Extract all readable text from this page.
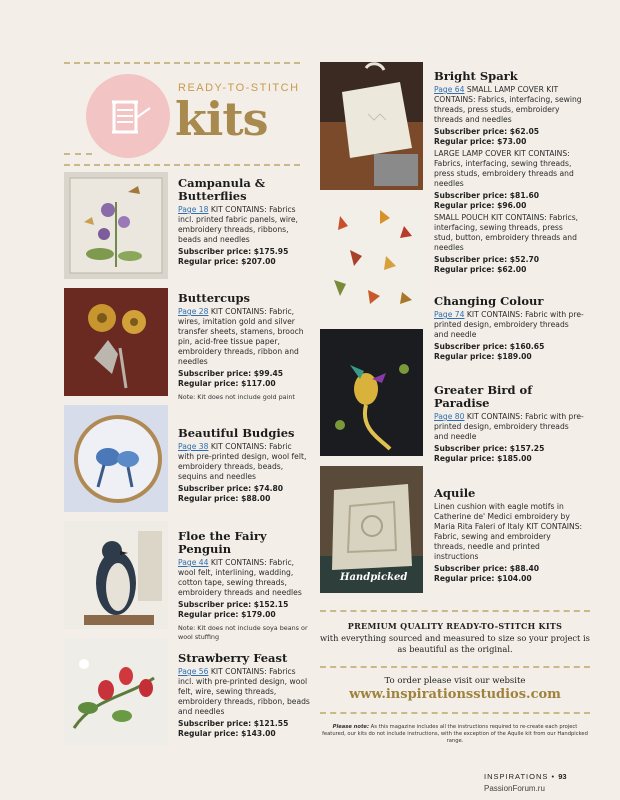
READY-TO-STITCH
kits
Campanula & Butterflies
Page 18 KIT CONTAINS: Fabrics incl. printed fabric panels, wire, embroidery threads, ribbons, beads and needles
Subscriber price: $175.95
Regular price: $207.00
Buttercups
Page 28 KIT CONTAINS: Fabric, wires, imitation gold and silver transfer sheets, stamens, brooch pin, acid-free tissue paper, embroidery threads, ribbon and needles
Subscriber price: $99.45
Regular price: $117.00
Note: Kit does not include gold paint
Beautiful Budgies
Page 38 KIT CONTAINS: Fabric with pre-printed design, wool felt, embroidery threads, beads, sequins and needles
Subscriber price: $74.80
Regular price: $88.00
Floe the Fairy Penguin
Page 44 KIT CONTAINS: Fabric, wool felt, interlining, wadding, cotton tape, sewing threads, embroidery threads and needles
Subscriber price: $152.15
Regular price: $179.00
Note: Kit does not include soya beans or wool stuffing
Strawberry Feast
Page 56 KIT CONTAINS: Fabrics incl. with pre-printed design, wool felt, wire, sewing threads, embroidery threads, ribbon, beads and needles
Subscriber price: $121.55
Regular price: $143.00
Handpicked
Bright Spark
Page 64 SMALL LAMP COVER KIT CONTAINS: Fabrics, interfacing, sewing threads, press studs, embroidery threads and needles
Subscriber price: $62.05
Regular price: $73.00
LARGE LAMP COVER KIT CONTAINS: Fabrics, interfacing, sewing threads, press studs, embroidery threads and needles
Subscriber price: $81.60
Regular price: $96.00
SMALL POUCH KIT CONTAINS: Fabrics, interfacing, sewing threads, press stud, button, embroidery threads and needles
Subscriber price: $52.70
Regular price: $62.00
Changing Colour
Page 74 KIT CONTAINS: Fabric with pre-printed design, embroidery threads and needle
Subscriber price: $160.65
Regular price: $189.00
Greater Bird of Paradise
Page 80 KIT CONTAINS: Fabric with pre-printed design, embroidery threads and needle
Subscriber price: $157.25
Regular price: $185.00
Aquile
Linen cushion with eagle motifs in Catherine de' Medici embroidery by Maria Rita Faleri of Italy KIT CONTAINS: Fabric, sewing and embroidery threads, needle and printed instructions
Subscriber price: $88.40
Regular price: $104.00
PREMIUM QUALITY READY-TO-STITCH KITS
with everything sourced and measured to size so your project is as beautiful as the original.
To order please visit our website
www.inspirationsstudios.com
Please note: As this magazine includes all the instructions required to re-create each project featured, our kits do not include instructions, with the exception of the Aquile kit from our Handpicked range.
INSPIRATIONS • 93
PassionForum.ru
